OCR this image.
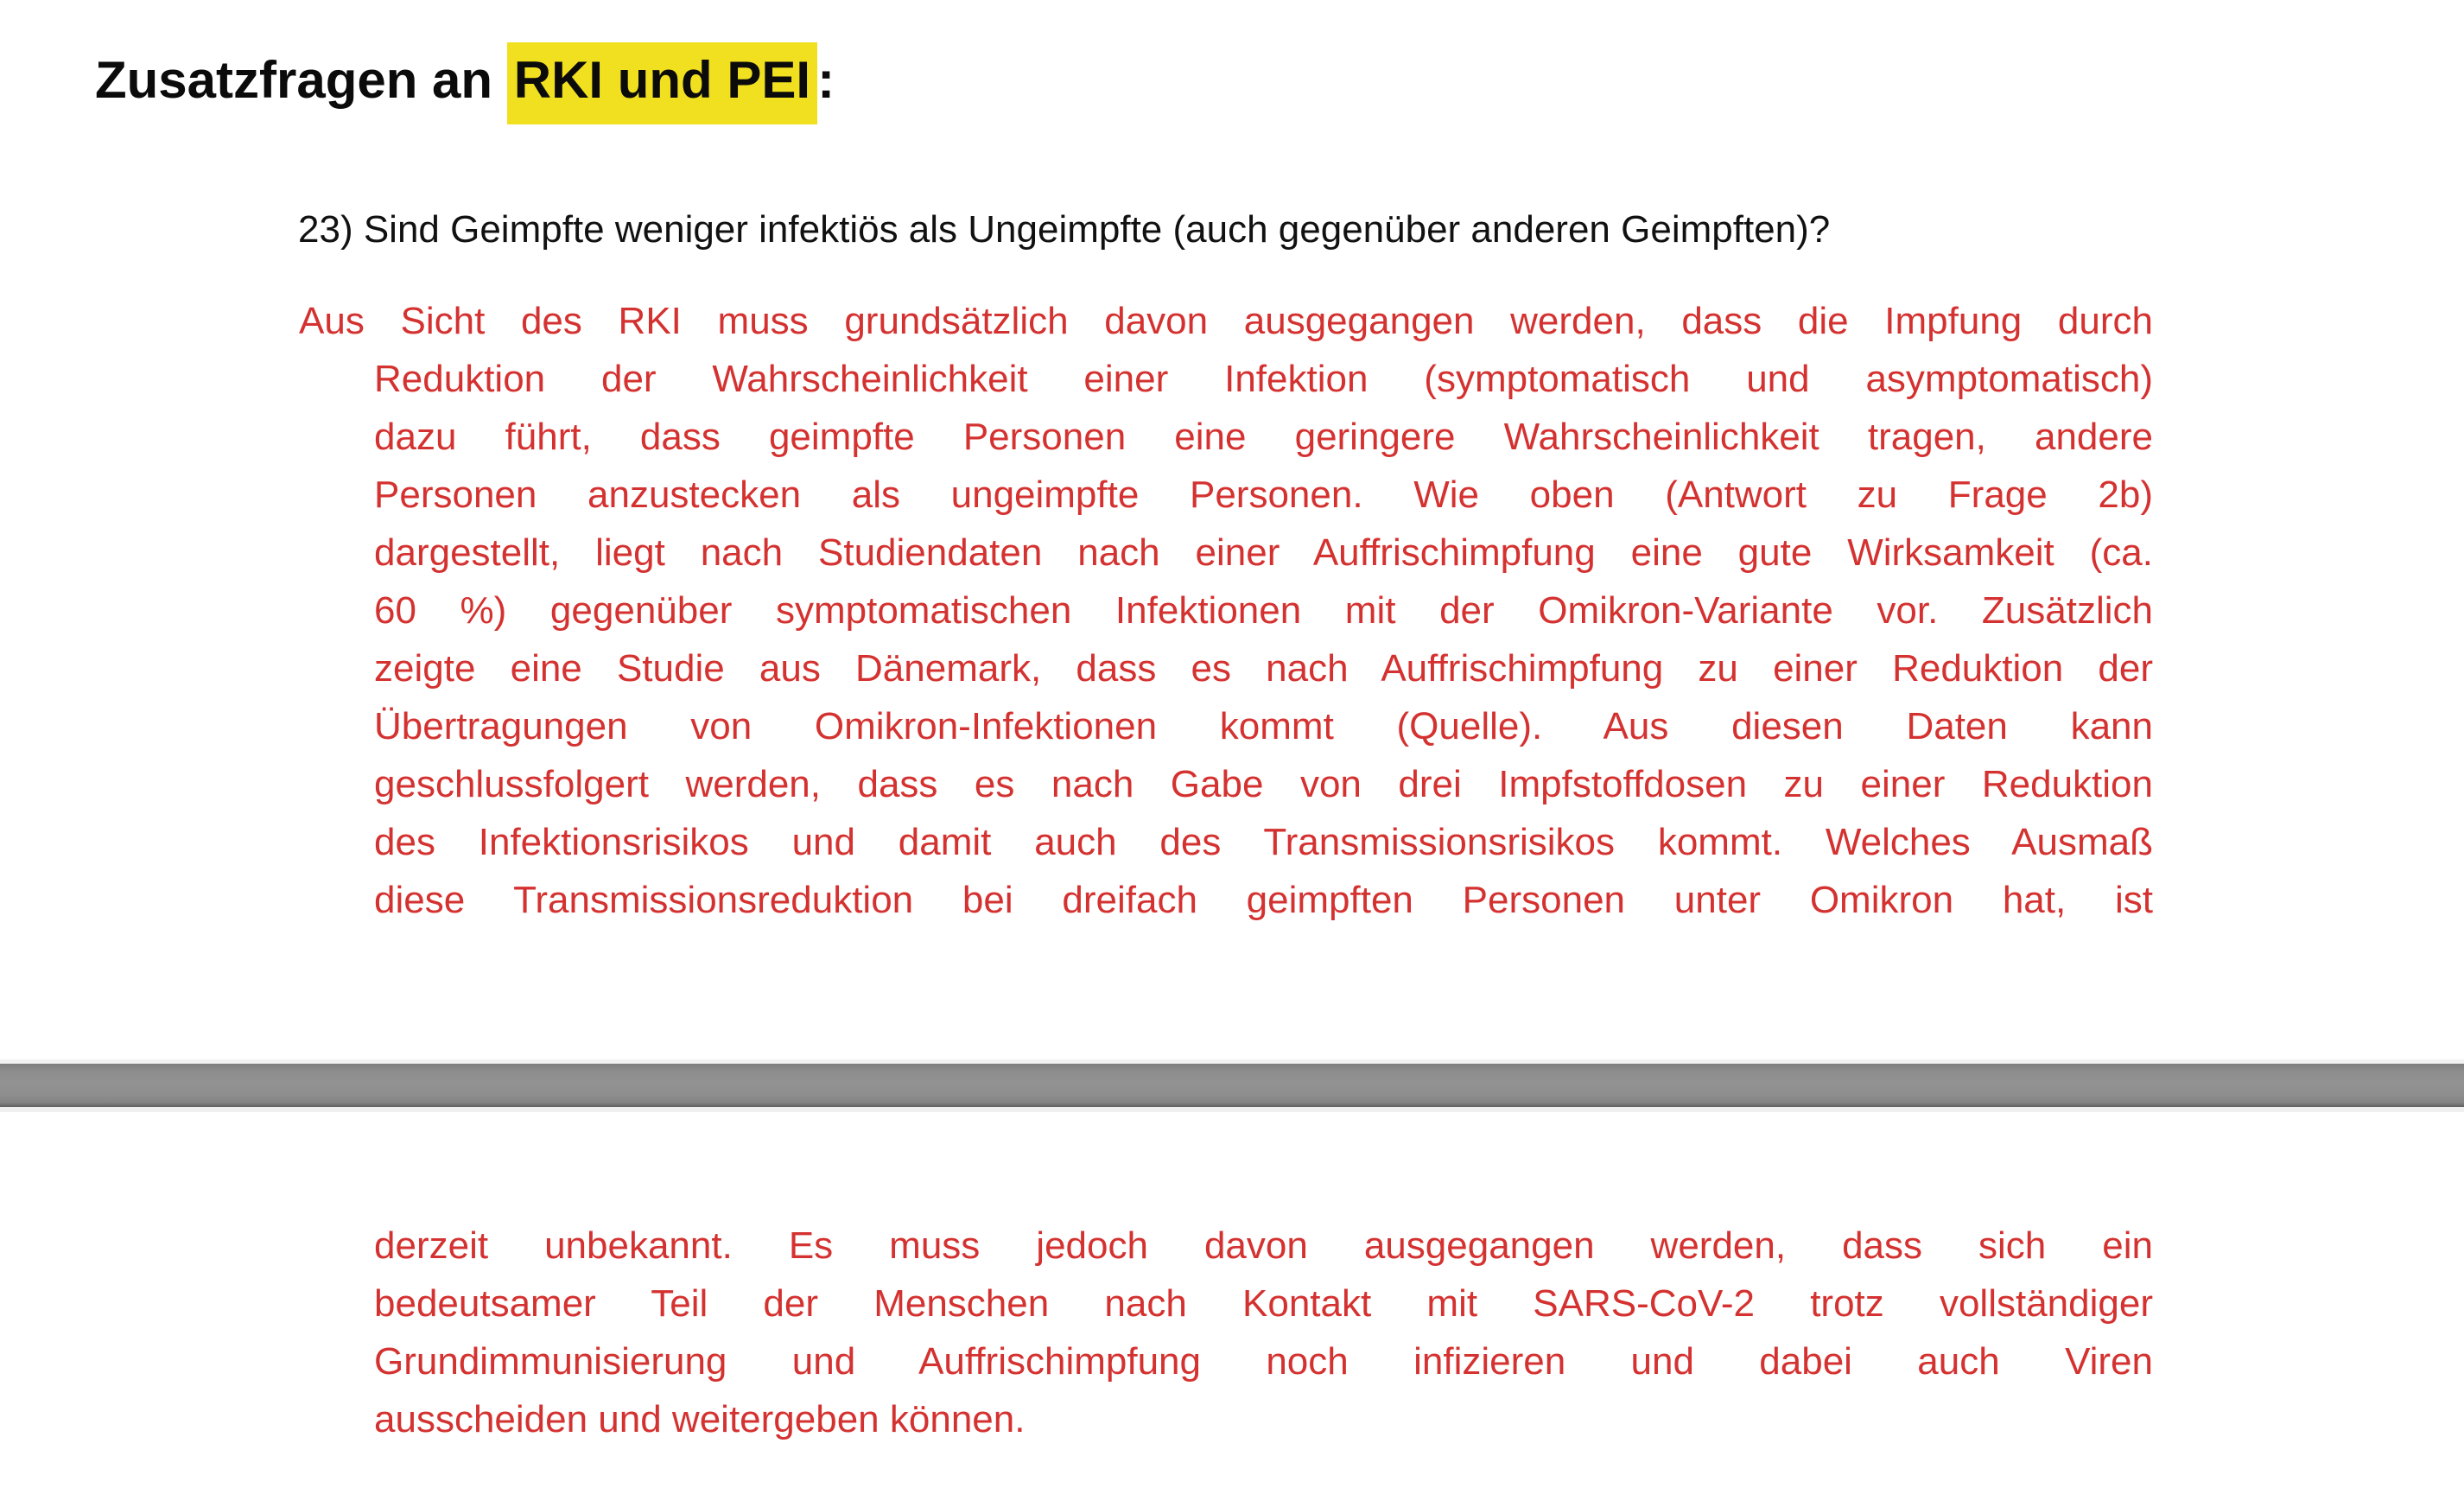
Zusatzfragen an RKI und PEI :
23) Sind Geimpfte weniger infektiös als Ungeimpfte (auch gegenüber anderen Geimpften)?
Aus Sicht des RKI muss grundsätzlich davon ausgegangen werden, dass die Impfung durch
Reduktion der Wahrscheinlichkeit einer Infektion (symptomatisch und asymptomatisch)
dazu führt, dass geimpfte Personen eine geringere Wahrscheinlichkeit tragen, andere
Personen anzustecken als ungeimpfte Personen. Wie oben (Antwort zu Frage 2b)
dargestellt, liegt nach Studiendaten nach einer Auffrischimpfung eine gute Wirksamkeit (ca.
60 %) gegenüber symptomatischen Infektionen mit der Omikron-Variante vor. Zusätzlich
zeigte eine Studie aus Dänemark, dass es nach Auffrischimpfung zu einer Reduktion der
Übertragungen von Omikron-Infektionen kommt (Quelle). Aus diesen Daten kann
geschlussfolgert werden, dass es nach Gabe von drei Impfstoffdosen zu einer Reduktion
des Infektionsrisikos und damit auch des Transmissionsrisikos kommt. Welches Ausmaß
diese Transmissionsreduktion bei dreifach geimpften Personen unter Omikron hat, ist
derzeit unbekannt. Es muss jedoch davon ausgegangen werden, dass sich ein
bedeutsamer Teil der Menschen nach Kontakt mit SARS-CoV-2 trotz vollständiger
Grundimmunisierung und Auffrischimpfung noch infizieren und dabei auch Viren
ausscheiden und weitergeben können.
